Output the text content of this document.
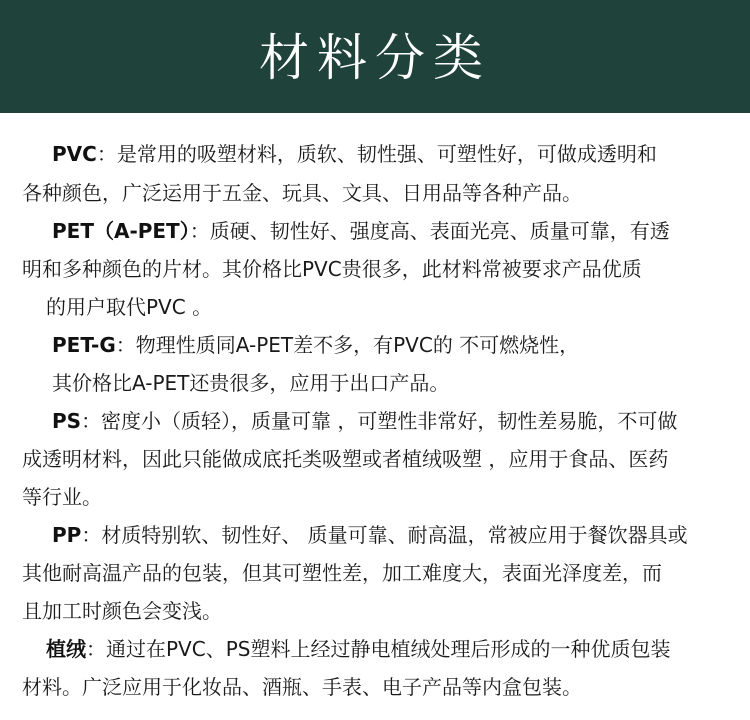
材料分类
PVC：是常用的吸塑材料，质软、韧性强、可塑性好，可做成透明和
各种颜色，广泛运用于五金、玩具、文具、日用品等各种产品。
PET（A-PET）：质硬、韧性好、强度高、表面光亮、质量可靠，有透
明和多种颜色的片材。其价格比PVC贵很多，此材料常被要求产品优质
的用户取代PVC 。
PET-G：物理性质同A-PET差不多，有PVC的 不可燃烧性，
其价格比A-PET还贵很多，应用于出口产品。
PS：密度小（质轻），质量可靠 ，可塑性非常好，韧性差易脆，不可做
成透明材料，因此只能做成底托类吸塑或者植绒吸塑 ，应用于食品、医药
等行业。
PP：材质特别软、韧性好、 质量可靠、耐高温，常被应用于餐饮器具或
其他耐高温产品的包装，但其可塑性差，加工难度大，表面光泽度差，而
且加工时颜色会变浅。
植绒：通过在PVC、PS塑料上经过静电植绒处理后形成的一种优质包装
材料。广泛应用于化妆品、酒瓶、手表、电子产品等内盒包装。
